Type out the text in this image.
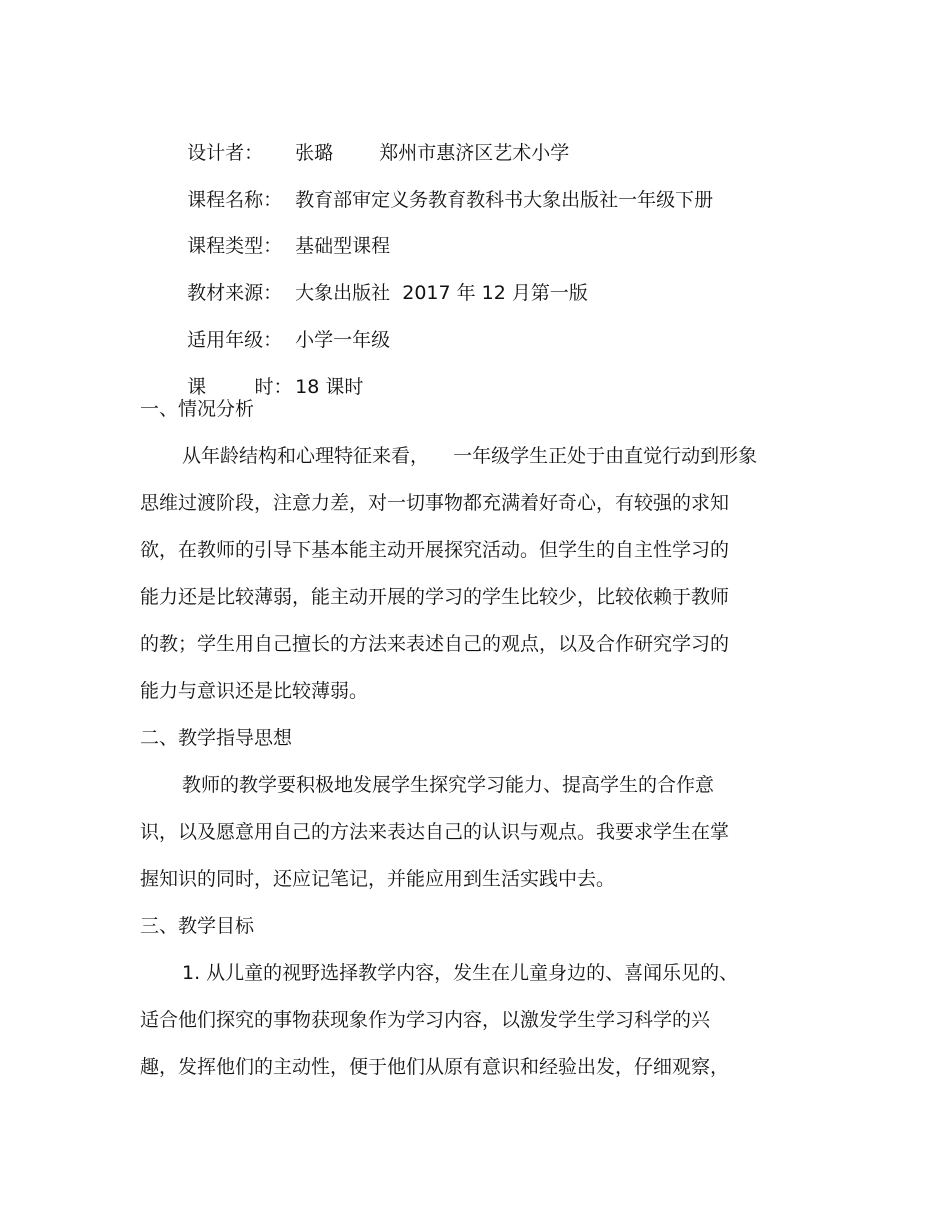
设计者： 张璐 郑州市惠济区艺术小学

课程名称： 教育部审定义务教育教科书大象出版社一年级下册

课程类型： 基础型课程

教材来源： 大象出版社  2017 年 12 月第一版

适用年级： 小学一年级

课        时： 18 课时

一、情况分析
从年龄结构和心理特征来看，    一年级学生正处于由直觉行动到形象
思维过渡阶段，注意力差，对一切事物都充满着好奇心，有较强的求知
欲，在教师的引导下基本能主动开展探究活动。但学生的自主性学习的
能力还是比较薄弱，能主动开展的学习的学生比较少，比较依赖于教师
的教；学生用自己擅长的方法来表述自己的观点，以及合作研究学习的
能力与意识还是比较薄弱。
二、教学指导思想
教师的教学要积极地发展学生探究学习能力、提高学生的合作意
识，以及愿意用自己的方法来表达自己的认识与观点。我要求学生在掌
握知识的同时，还应记笔记，并能应用到生活实践中去。
三、教学目标
1. 从儿童的视野选择教学内容，发生在儿童身边的、喜闻乐见的、
适合他们探究的事物获现象作为学习内容，以激发学生学习科学的兴
趣，发挥他们的主动性，便于他们从原有意识和经验出发，仔细观察，
